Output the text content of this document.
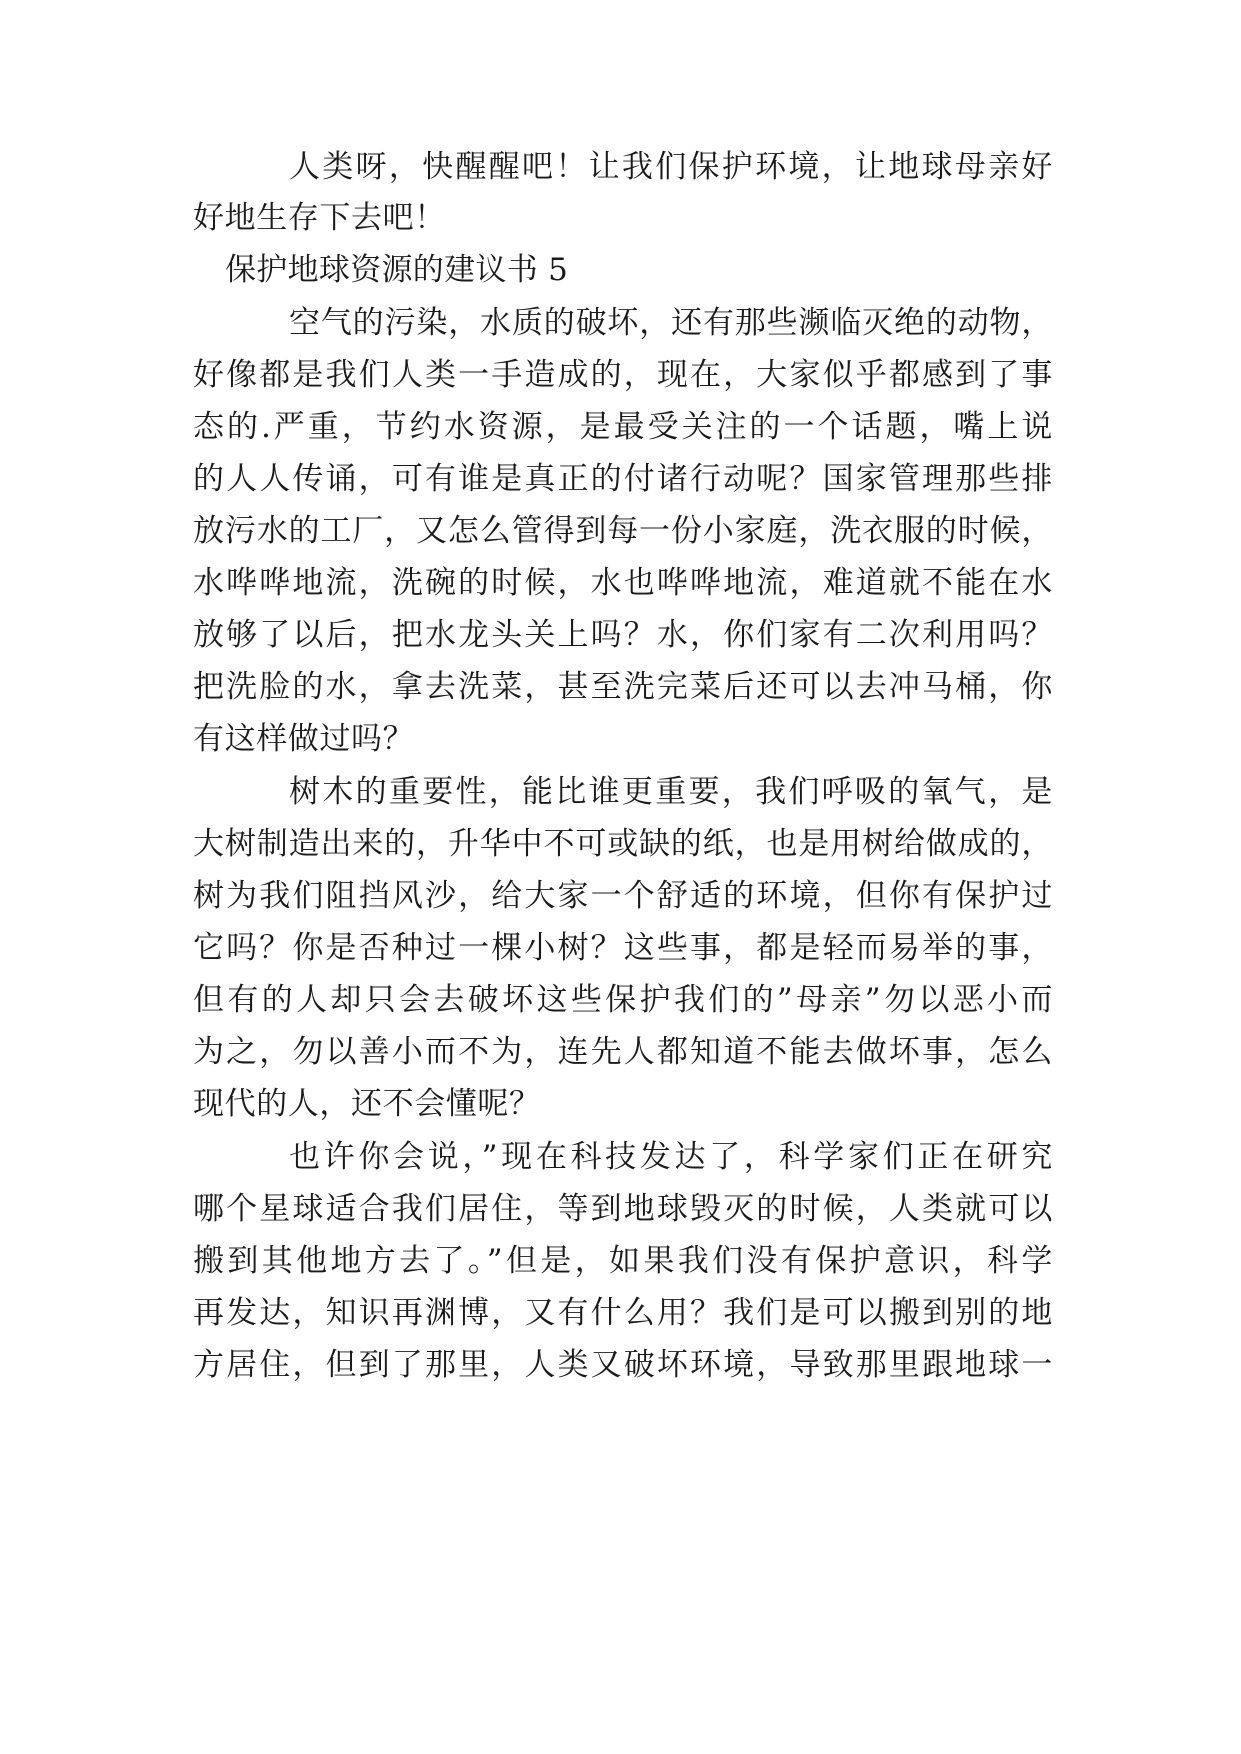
人类呀，快醒醒吧！让我们保护环境，让地球母亲好
好地生存下去吧！
保护地球资源的建议书 5
空气的污染，水质的破坏，还有那些濒临灭绝的动物，
好像都是我们人类一手造成的，现在，大家似乎都感到了事
态的.严重，节约水资源，是最受关注的一个话题，嘴上说
的人人传诵，可有谁是真正的付诸行动呢？国家管理那些排
放污水的工厂，又怎么管得到每一份小家庭，洗衣服的时候，
水哗哗地流，洗碗的时候，水也哗哗地流，难道就不能在水
放够了以后，把水龙头关上吗？水，你们家有二次利用吗？
把洗脸的水，拿去洗菜，甚至洗完菜后还可以去冲马桶，你
有这样做过吗？
树木的重要性，能比谁更重要，我们呼吸的氧气，是
大树制造出来的，升华中不可或缺的纸，也是用树给做成的，
树为我们阻挡风沙，给大家一个舒适的环境，但你有保护过
它吗？你是否种过一棵小树？这些事，都是轻而易举的事，
但有的人却只会去破坏这些保护我们的”母亲”勿以恶小而
为之，勿以善小而不为，连先人都知道不能去做坏事，怎么
现代的人，还不会懂呢？
也许你会说，”现在科技发达了，科学家们正在研究
哪个星球适合我们居住，等到地球毁灭的时候，人类就可以
搬到其他地方去了。”但是，如果我们没有保护意识，科学
再发达，知识再渊博，又有什么用？我们是可以搬到别的地
方居住，但到了那里，人类又破坏环境，导致那里跟地球一
